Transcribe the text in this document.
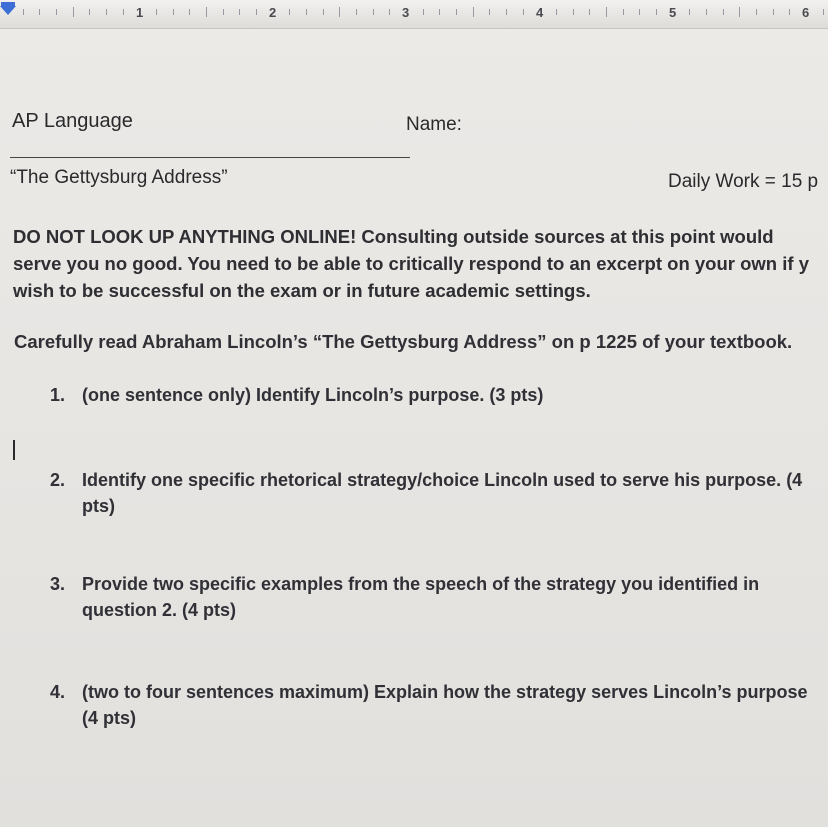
1	2	3	4	5	6
AP Language	Name:
“The Gettysburg Address”	Daily Work = 15 p
DO NOT LOOK UP ANYTHING ONLINE! Consulting outside sources at this point would
serve you no good. You need to be able to critically respond to an excerpt on your own if y
wish to be successful on the exam or in future academic settings.
Carefully read Abraham Lincoln’s “The Gettysburg Address” on p 1225 of your textbook.
1. (one sentence only) Identify Lincoln’s purpose. (3 pts)
2. Identify one specific rhetorical strategy/choice Lincoln used to serve his purpose. (4
pts)
3. Provide two specific examples from the speech of the strategy you identified in
question 2. (4 pts)
4. (two to four sentences maximum) Explain how the strategy serves Lincoln’s purpose
(4 pts)
